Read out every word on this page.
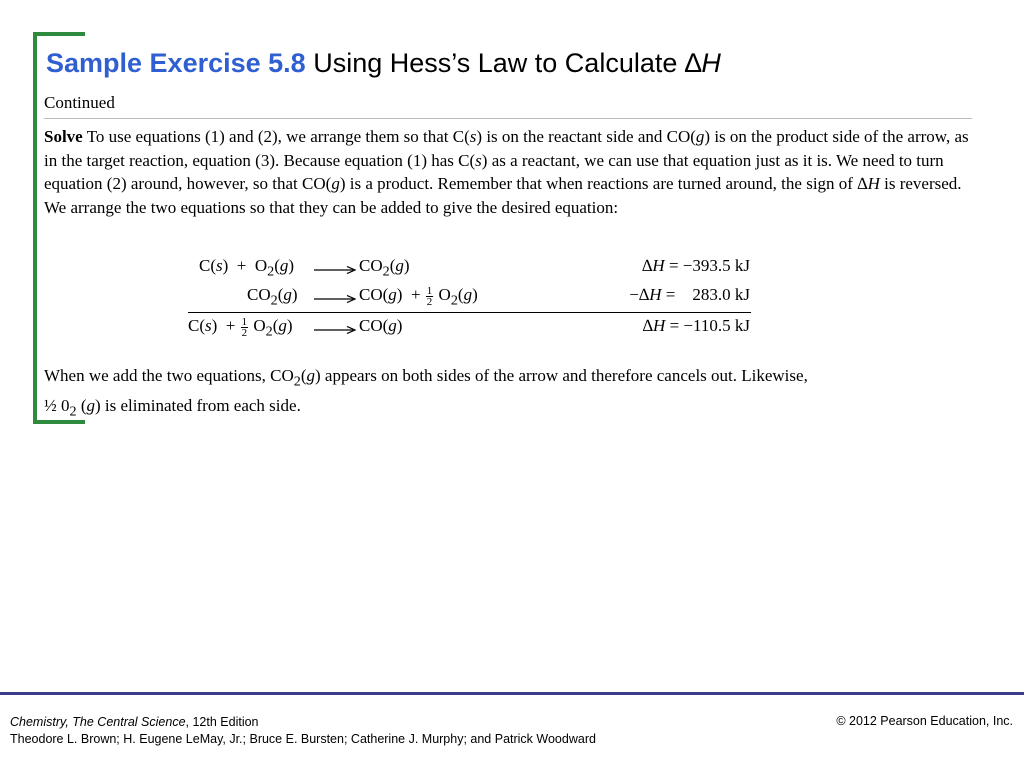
Sample Exercise 5.8 Using Hess’s Law to Calculate ∆H
Continued
Solve To use equations (1) and (2), we arrange them so that C(s) is on the reactant side and CO(g) is on the product side of the arrow, as in the target reaction, equation (3). Because equation (1) has C(s) as a reactant, we can use that equation just as it is. We need to turn equation (2) around, however, so that CO(g) is a product. Remember that when reactions are turned around, the sign of ∆H is reversed. We arrange the two equations so that they can be added to give the desired equation:
$C(s) + O_2(g) \to CO_2(g)$	∆H = −393.5 kJ
$CO_2(g) \to CO(g) + \frac{1}{2} O_2(g)$	−∆H =    283.0 kJ
$C(s) + \frac{1}{2} O_2(g) \to CO(g)$	∆H = −110.5 kJ
When we add the two equations, $CO_2(g)$ appears on both sides of the arrow and therefore cancels out. Likewise,
½ $0_2$ (g) is eliminated from each side.
Chemistry, The Central Science, 12th Edition
Theodore L. Brown; H. Eugene LeMay, Jr.; Bruce E. Bursten; Catherine J. Murphy; and Patrick Woodward
© 2012 Pearson Education, Inc.
